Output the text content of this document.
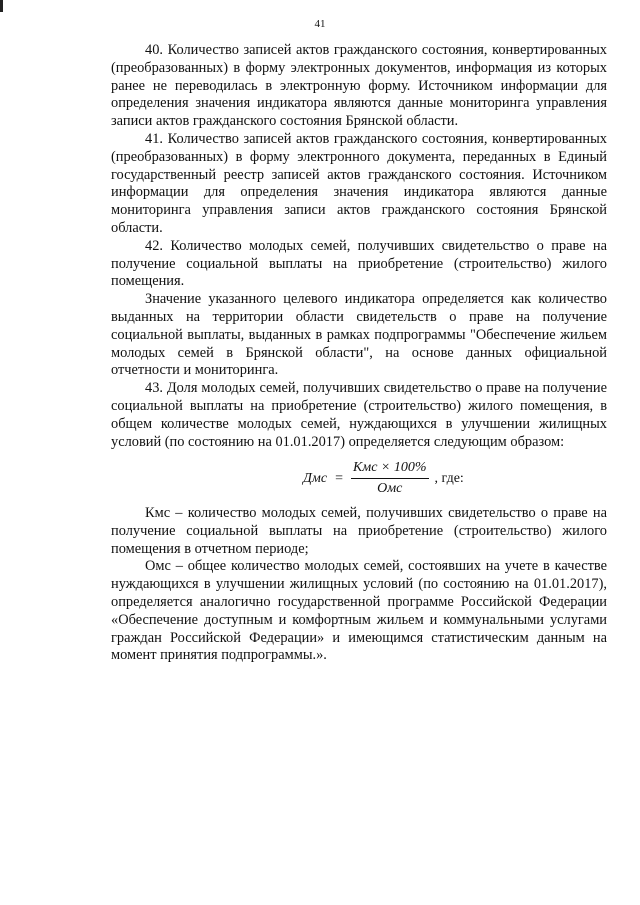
41

40. Количество записей актов гражданского состояния, конвертированных (преобразованных) в форму электронных документов, информация из которых ранее не переводилась в электронную форму. Источником информации для определения значения индикатора являются данные мониторинга управления записи актов гражданского состояния Брянской области.

41. Количество записей актов гражданского состояния, конвертированных (преобразованных) в форму электронного документа, переданных в Единый государственный реестр записей актов гражданского состояния. Источником информации для определения значения индикатора являются данные мониторинга управления записи актов гражданского состояния Брянской области.

42. Количество молодых семей, получивших свидетельство о праве на получение социальной выплаты на приобретение (строительство) жилого помещения.

Значение указанного целевого индикатора определяется как количество выданных на территории области свидетельств о праве на получение социальной выплаты, выданных в рамках подпрограммы "Обеспечение жильем молодых семей в Брянской области", на основе данных официальной отчетности и мониторинга.

43. Доля молодых семей, получивших свидетельство о праве на получение социальной выплаты на приобретение (строительство) жилого помещения, в общем количестве молодых семей, нуждающихся в улучшении жилищных условий (по состоянию на 01.01.2017) определяется следующим образом:

Дмс = $\frac{\text{Кмс × 100\%}}{\text{Омс}}$ , где:

Кмс – количество молодых семей, получивших свидетельство о праве на получение социальной выплаты на приобретение (строительство) жилого помещения в отчетном периоде;

Омс – общее количество молодых семей, состоявших на учете в качестве нуждающихся в улучшении жилищных условий (по состоянию на 01.01.2017), определяется аналогично государственной программе Российской Федерации «Обеспечение доступным и комфортным жильем и коммунальными услугами граждан Российской Федерации» и имеющимся статистическим данным на момент принятия подпрограммы.».
